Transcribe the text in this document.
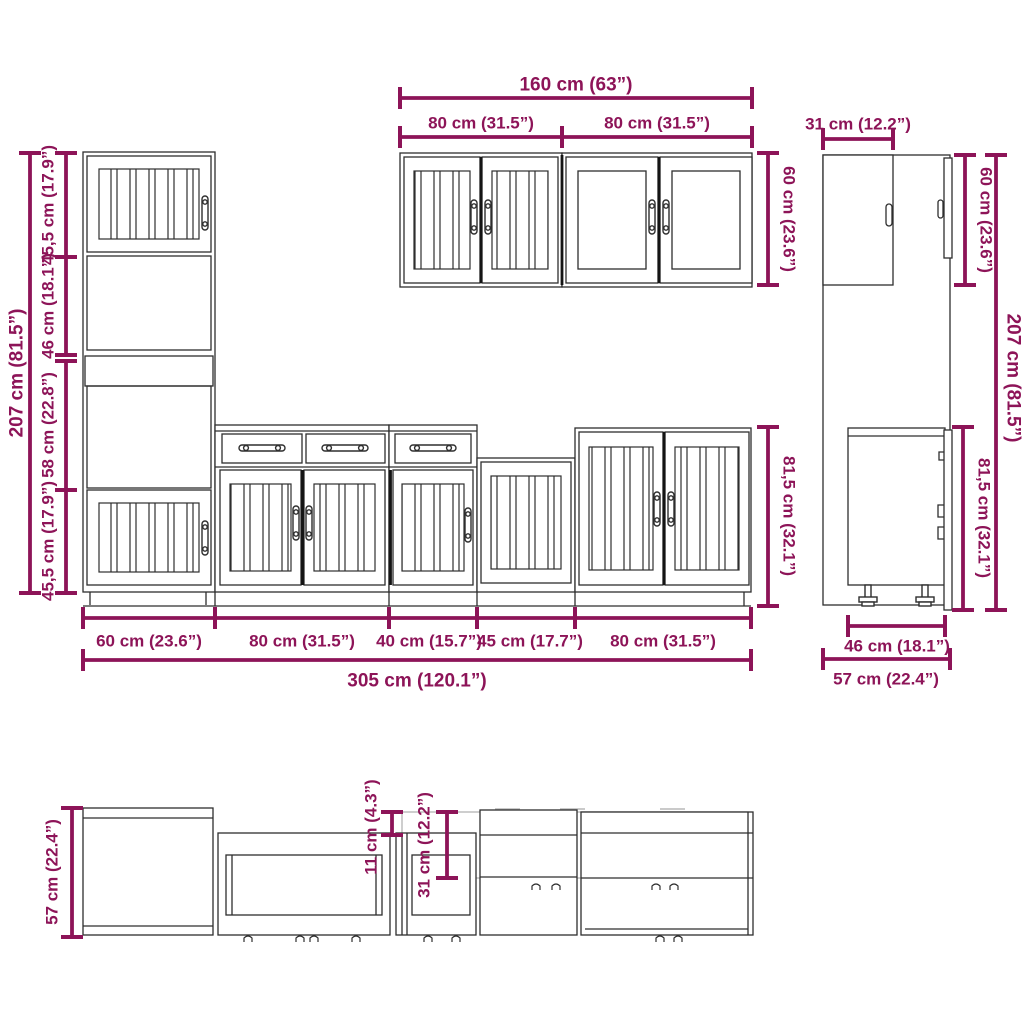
207 cm (81.5”)
45,5 cm (17.9”)
46 cm (18.1”)
58 cm (22.8”)
45,5 cm (17.9”)	81,5 cm (32.1”)
60 cm (23.6”)	80 cm (31.5”) 40 cm (15.7”)
45 cm (17.7”) 80 cm (31.5”)
305 cm (120.1”)
160 cm (63”)
80 cm (31.5”)	80 cm (31.5”)
60 cm (23.6”)
31 cm (12.2”)
60 cm (23.6”)
207 cm (81.5”)
81,5 cm (32.1”)
46 cm (18.1”)
57 cm (22.4”)
57 cm (22.4”)	11 cm (4.3”) 31 cm (12.2”)
